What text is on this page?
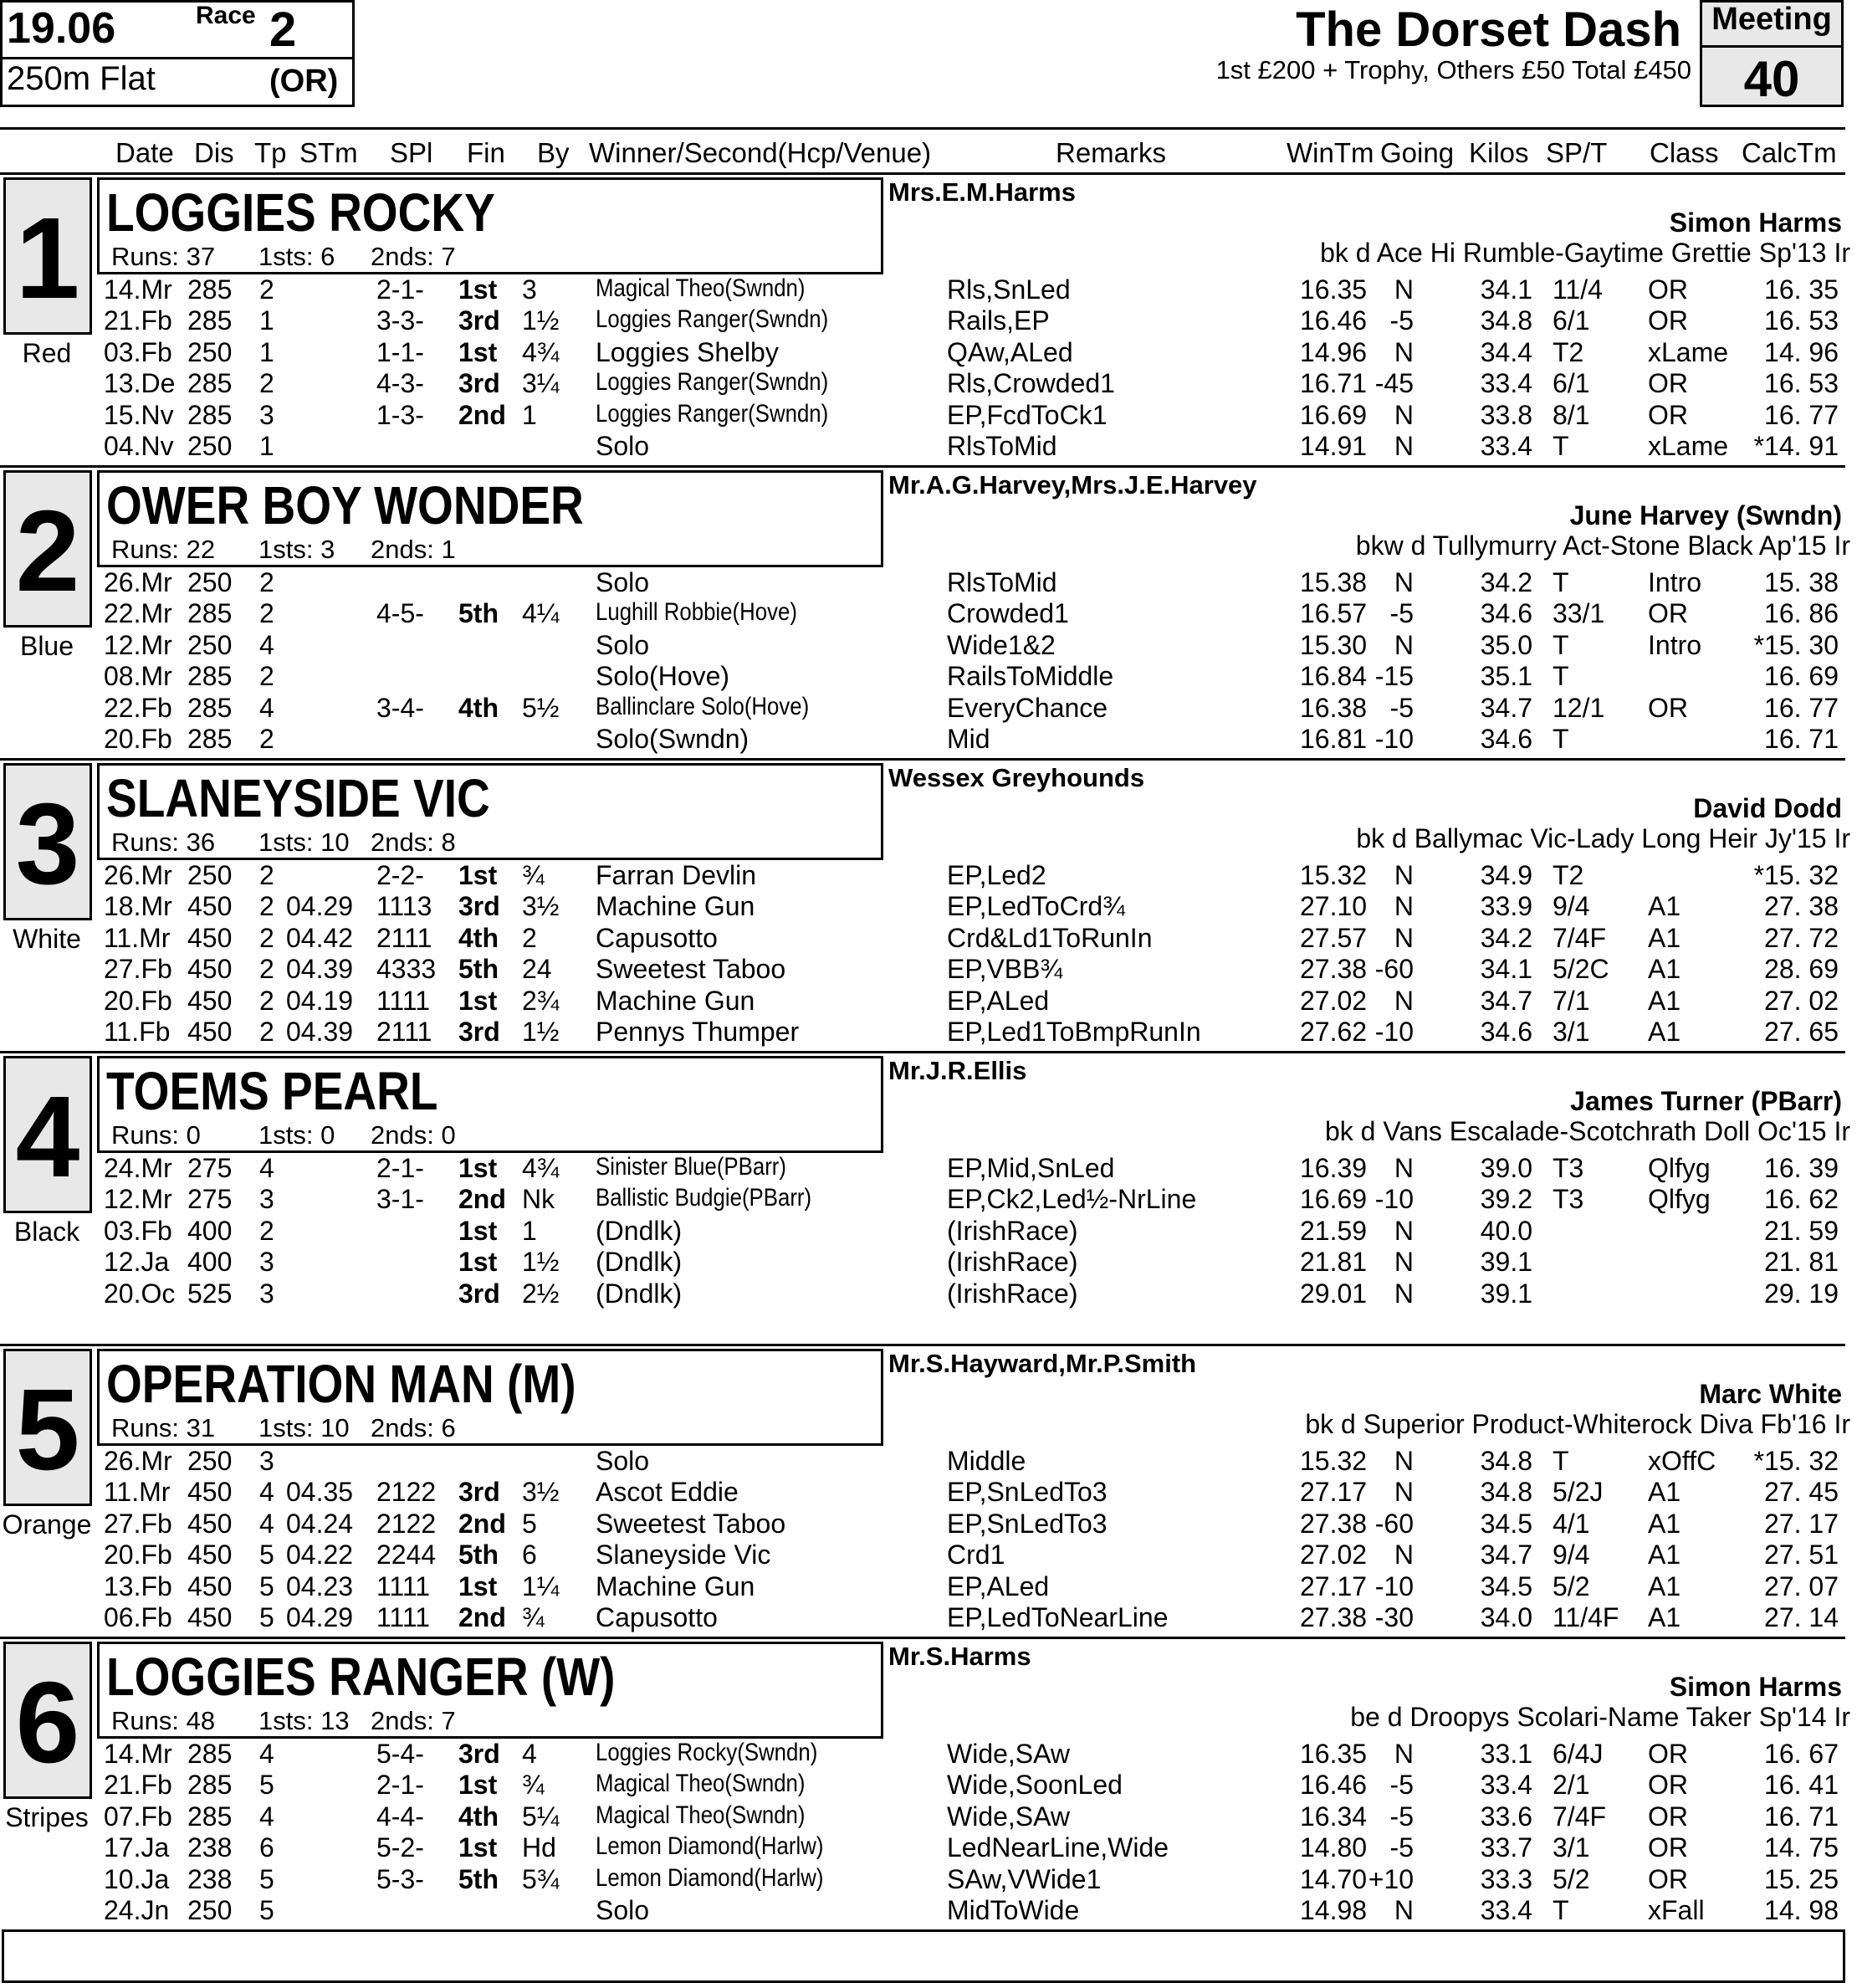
19.06	Race 2
250m Flat	(OR)
The Dorset Dash
1st £200 + Trophy, Others £50 Total £450
Meeting
40
Date Dis Tp STm SPl Fin By Winner/Second(Hcp/Venue)	Remarks	WinTm Going Kilos SP/T Class CalcTm
1
Red
LOGGIES ROCKY
Runs: 37 1sts: 6 2nds: 7
Mrs.E.M.Harms
Simon Harms
bk d Ace Hi Rumble-Gaytime Grettie Sp'13 Ir
14.Mr 285 2	2-1- 1st 3 Magical Theo(Swndn)	Rls,SnLed	16.35 N 34.1 11/4 OR	16. 35
21.Fb 285 1	3-3- 3rd 1½ Loggies Ranger(Swndn)	Rails,EP	16.46 -5 34.8 6/1 OR	16. 53
03.Fb 250 1	1-1- 1st 4¾ Loggies Shelby	QAw,ALed	14.96 N 34.4 T2 xLame 14. 96
13.De 285 2	4-3- 3rd 3¼ Loggies Ranger(Swndn)	Rls,Crowded1	16.71 -45 33.4 6/1 OR	16. 53
15.Nv 285 3	1-3- 2nd 1 Loggies Ranger(Swndn)	EP,FcdToCk1	16.69 N 33.8 8/1 OR	16. 77
04.Nv 250 1	Solo	RlsToMid	14.91 N 33.4 T	xLame *14. 91
2
Blue
OWER BOY WONDER
Runs: 22 1sts: 3 2nds: 1
Mr.A.G.Harvey,Mrs.J.E.Harvey
June Harvey (Swndn)
bkw d Tullymurry Act-Stone Black Ap'15 Ir
26.Mr 250 2	Solo	RlsToMid	15.38 N 34.2 T	Intro 15. 38
22.Mr 285 2	4-5- 5th 4¼ Lughill Robbie(Hove)	Crowded1	16.57 -5 34.6 33/1 OR	16. 86
12.Mr 250 4	Solo	Wide1&2	15.30 N 35.0 T	Intro *15. 30
08.Mr 285 2	Solo(Hove)	RailsToMiddle	16.84 -15 35.1 T	16. 69
22.Fb 285 4	3-4- 4th 5½ Ballinclare Solo(Hove)	EveryChance	16.38 -5 34.7 12/1 OR	16. 77
20.Fb 285 2	Solo(Swndn)	Mid	16.81 -10 34.6 T	16. 71
3
White
SLANEYSIDE VIC
Runs: 36 1sts: 10 2nds: 8
Wessex Greyhounds
David Dodd
bk d Ballymac Vic-Lady Long Heir Jy'15 Ir
26.Mr 250 2	2-2- 1st ¾ Farran Devlin	EP,Led2	15.32 N 34.9 T2	*15. 32
18.Mr 450 2 04.29 1113 3rd 3½ Machine Gun	EP,LedToCrd¾	27.10 N 33.9 9/4 A1	27. 38
11.Mr 450 2 04.42 2111 4th 2 Capusotto	Crd&Ld1ToRunIn	27.57 N 34.2 7/4F A1	27. 72
27.Fb 450 2 04.39 4333 5th 24 Sweetest Taboo	EP,VBB¾	27.38 -60 34.1 5/2C A1	28. 69
20.Fb 450 2 04.19 1111 1st 2¾ Machine Gun	EP,ALed	27.02 N 34.7 7/1 A1	27. 02
11.Fb 450 2 04.39 2111 3rd 1½ Pennys Thumper	EP,Led1ToBmpRunIn	27.62 -10 34.6 3/1 A1	27. 65
4
Black
TOEMS PEARL
Runs: 0 1sts: 0 2nds: 0
Mr.J.R.Ellis
James Turner (PBarr)
bk d Vans Escalade-Scotchrath Doll Oc'15 Ir
24.Mr 275 4	2-1- 1st 4¾ Sinister Blue(PBarr)	EP,Mid,SnLed	16.39 N 39.0 T3 Qlfyg 16. 39
12.Mr 275 3	3-1- 2nd Nk Ballistic Budgie(PBarr)	EP,Ck2,Led½-NrLine	16.69 -10 39.2 T3 Qlfyg 16. 62
03.Fb 400 2	1st 1 (Dndlk)	(IrishRace)	21.59 N 40.0	21. 59
12.Ja 400 3	1st 1½ (Dndlk)	(IrishRace)	21.81 N 39.1	21. 81
20.Oc 525 3	3rd 2½ (Dndlk)	(IrishRace)	29.01 N 39.1	29. 19
5
Orange
OPERATION MAN (M)
Runs: 31 1sts: 10 2nds: 6
Mr.S.Hayward,Mr.P.Smith
Marc White
bk d Superior Product-Whiterock Diva Fb'16 Ir
26.Mr 250 3	Solo	Middle	15.32 N 34.8 T	xOffC *15. 32
11.Mr 450 4 04.35 2122 3rd 3½ Ascot Eddie	EP,SnLedTo3	27.17 N 34.8 5/2J A1	27. 45
27.Fb 450 4 04.24 2122 2nd 5 Sweetest Taboo	EP,SnLedTo3	27.38 -60 34.5 4/1 A1	27. 17
20.Fb 450 5 04.22 2244 5th 6 Slaneyside Vic	Crd1	27.02 N 34.7 9/4 A1	27. 51
13.Fb 450 5 04.23 1111 1st 1¼ Machine Gun	EP,ALed	27.17 -10 34.5 5/2 A1	27. 07
06.Fb 450 5 04.29 1111 2nd ¾ Capusotto	EP,LedToNearLine	27.38 -30 34.0 11/4F A1	27. 14
6
Stripes
LOGGIES RANGER (W)
Runs: 48 1sts: 13 2nds: 7
Mr.S.Harms
Simon Harms
be d Droopys Scolari-Name Taker Sp'14 Ir
14.Mr 285 4	5-4- 3rd 4 Loggies Rocky(Swndn)	Wide,SAw	16.35 N 33.1 6/4J OR	16. 67
21.Fb 285 5	2-1- 1st ¾ Magical Theo(Swndn)	Wide,SoonLed	16.46 -5 33.4 2/1 OR	16. 41
07.Fb 285 4	4-4- 4th 5¼ Magical Theo(Swndn)	Wide,SAw	16.34 -5 33.6 7/4F OR	16. 71
17.Ja 238 6	5-2- 1st Hd Lemon Diamond(Harlw)	LedNearLine,Wide	14.80 -5 33.7 3/1 OR	14. 75
10.Ja 238 5	5-3- 5th 5¾ Lemon Diamond(Harlw)	SAw,VWide1	14.70 +10 33.3 5/2 OR	15. 25
24.Jn 250 5	Solo	MidToWide	14.98 N 33.4 T	xFall 14. 98
